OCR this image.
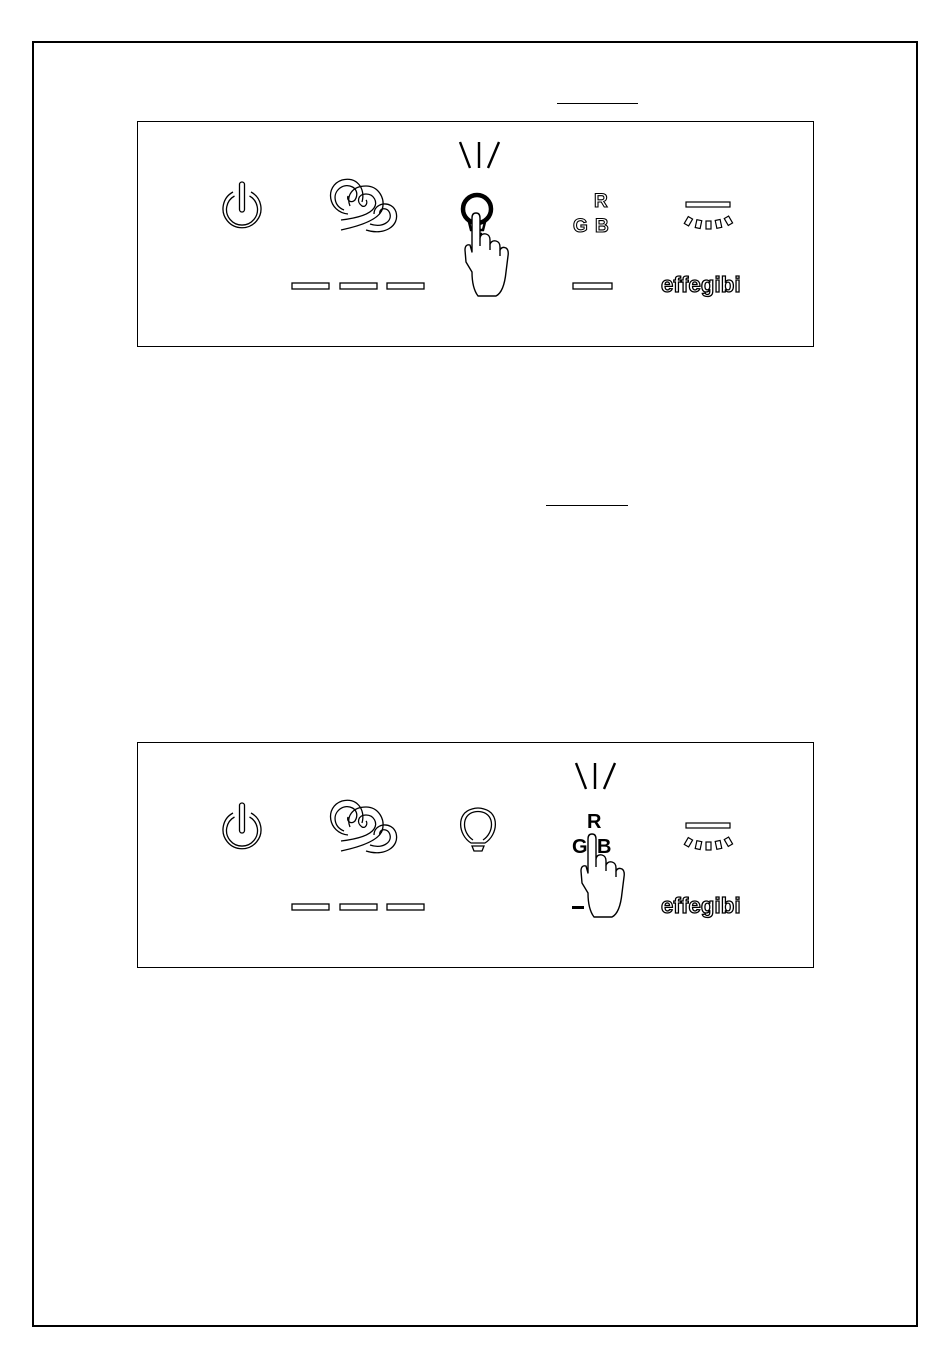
R
G B
effegibi
R
G B
effegibi
